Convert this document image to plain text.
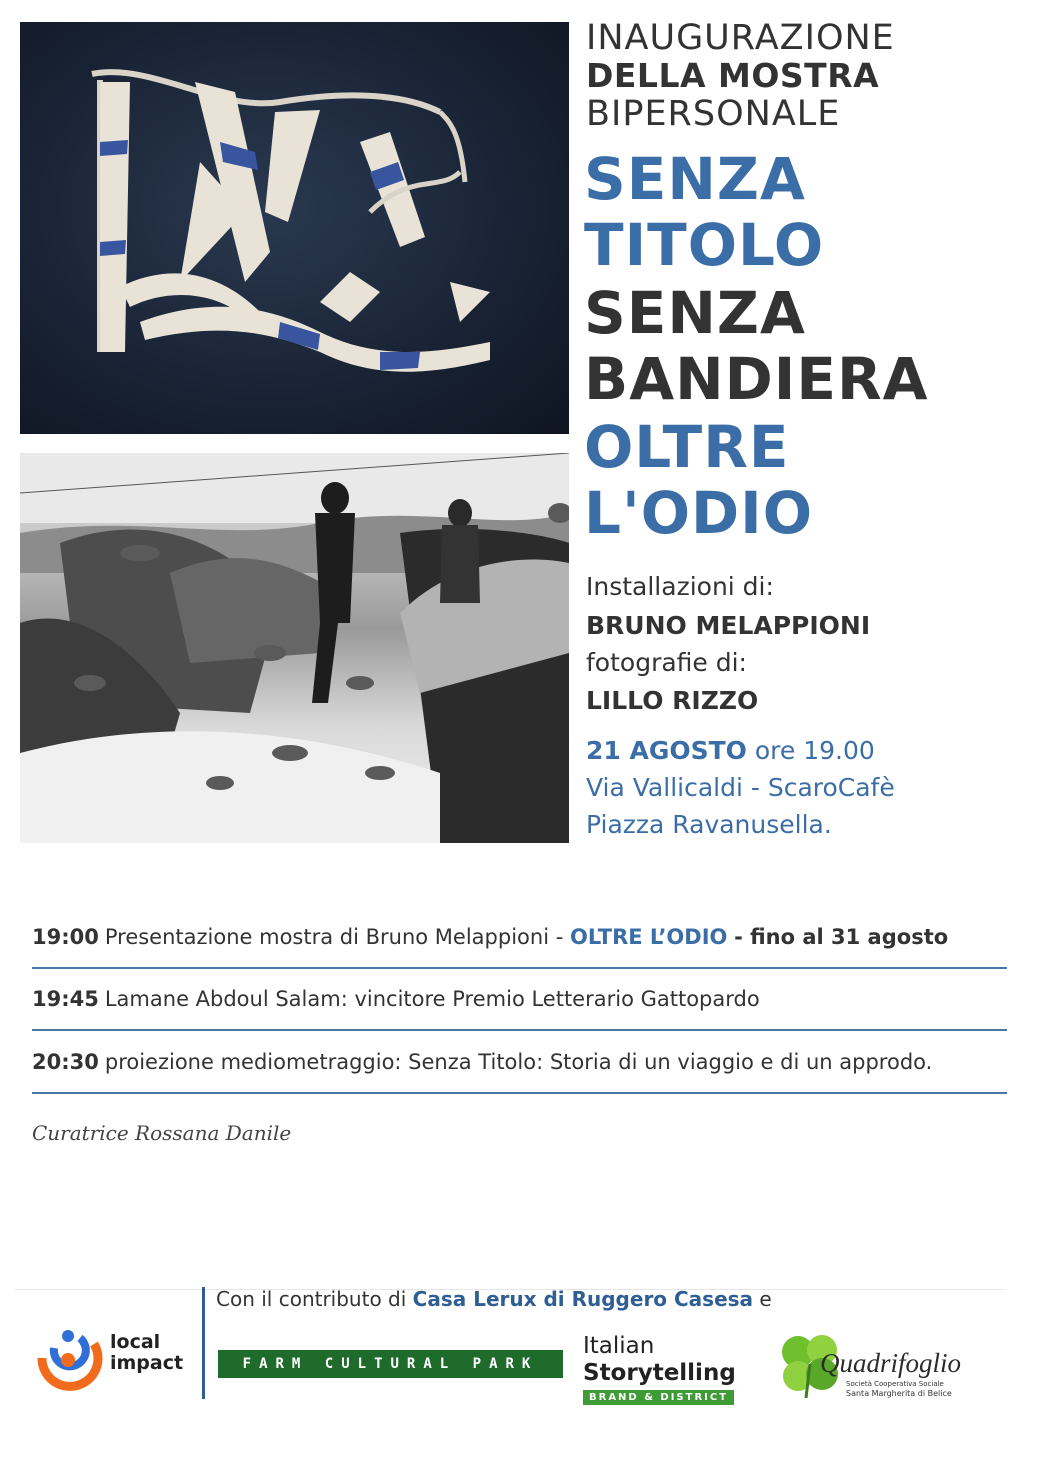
INAUGURAZIONE
DELLA MOSTRA
BIPERSONALE
SENZA
TITOLO
SENZA
BANDIERA
OLTRE
L'ODIO
Installazioni di:
BRUNO MELAPPIONI
fotografie di:
LILLO RIZZO
21 AGOSTO ore 19.00
Via Vallicaldi - ScaroCafè
Piazza Ravanusella.
19:00 Presentazione mostra di Bruno Melappioni -
OLTRE L’ODIO
- fino al 31 agosto
19:45 Lamane Abdoul Salam: vincitore Premio Letterario Gattopardo
20:30 proiezione mediometraggio: Senza Titolo: Storia di un viaggio e di un approdo.
Curatrice Rossana Danile
Con il contributo di Casa Lerux di Ruggero Casesa e
local
impact	FARM CULTURAL PARK
Italian
Storytelling
BRAND & DISTRICT
Quadrifoglio
Società Cooperativa Sociale
Santa Margherita di Belice
